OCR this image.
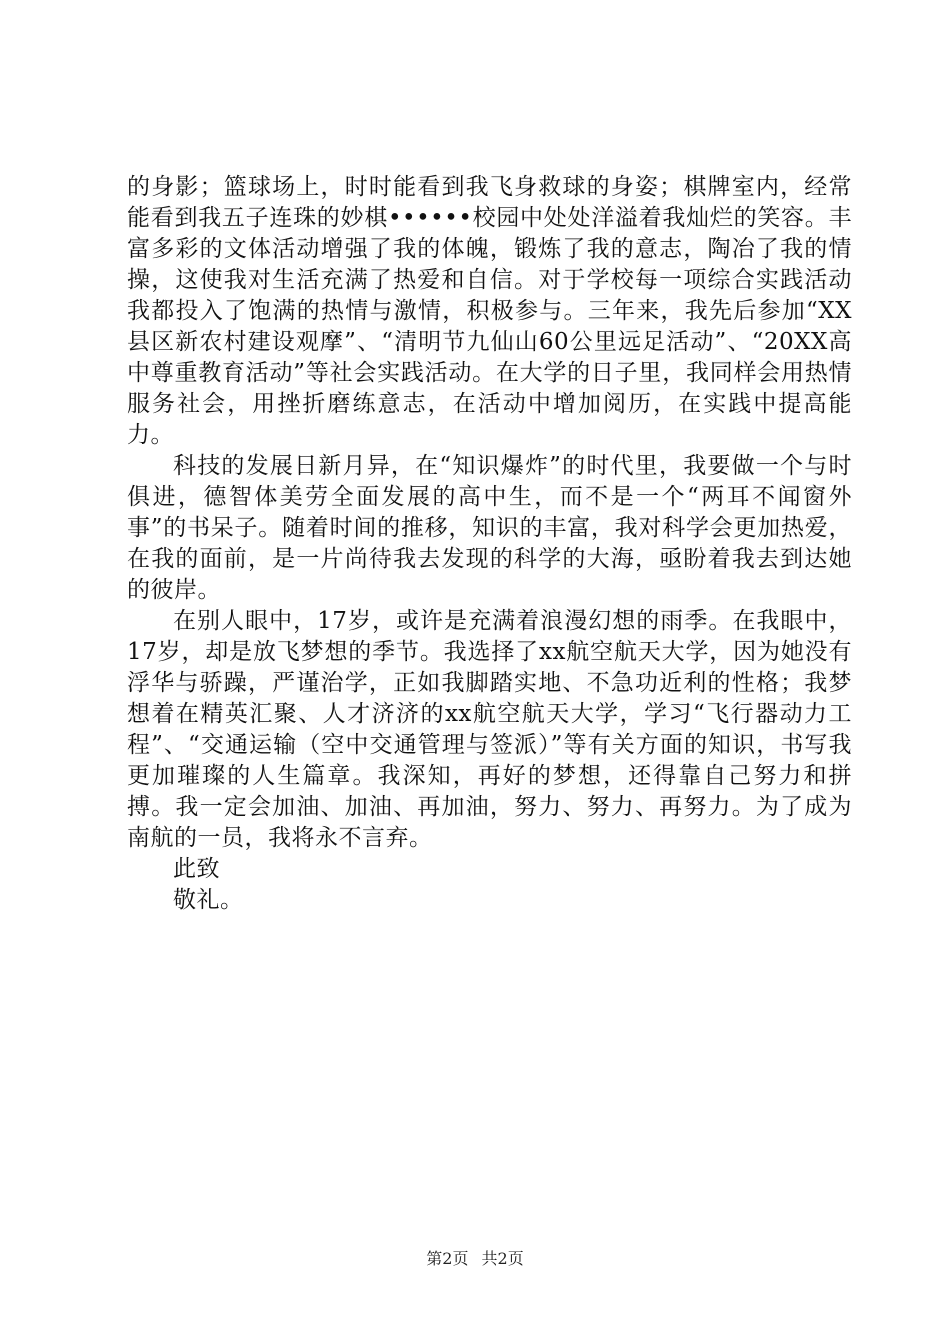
的身影；篮球场上，时时能看到我飞身救球的身姿；棋牌室内，经常能看到我五子连珠的妙棋••••••校园中处处洋溢着我灿烂的笑容。丰富多彩的文体活动增强了我的体魄，锻炼了我的意志，陶冶了我的情操，这使我对生活充满了热爱和自信。对于学校每一项综合实践活动我都投入了饱满的热情与激情，积极参与。三年来，我先后参加“XX县区新农村建设观摩”、“清明节九仙山60公里远足活动”、“20XX高中尊重教育活动”等社会实践活动。在大学的日子里，我同样会用热情服务社会，用挫折磨练意志，在活动中增加阅历，在实践中提高能力。

科技的发展日新月异，在“知识爆炸”的时代里，我要做一个与时俱进，德智体美劳全面发展的高中生，而不是一个“两耳不闻窗外事”的书呆子。随着时间的推移，知识的丰富，我对科学会更加热爱，在我的面前，是一片尚待我去发现的科学的大海，亟盼着我去到达她的彼岸。

在别人眼中，17岁，或许是充满着浪漫幻想的雨季。在我眼中，17岁，却是放飞梦想的季节。我选择了xx航空航天大学，因为她没有浮华与骄躁，严谨治学，正如我脚踏实地、不急功近利的性格；我梦想着在精英汇聚、人才济济的xx航空航天大学，学习“飞行器动力工程”、“交通运输（空中交通管理与签派）”等有关方面的知识，书写我更加璀璨的人生篇章。我深知，再好的梦想，还得靠自己努力和拼搏。我一定会加油、加油、再加油，努力、努力、再努力。为了成为南航的一员，我将永不言弃。

此致

敬礼。

第2页 共2页
